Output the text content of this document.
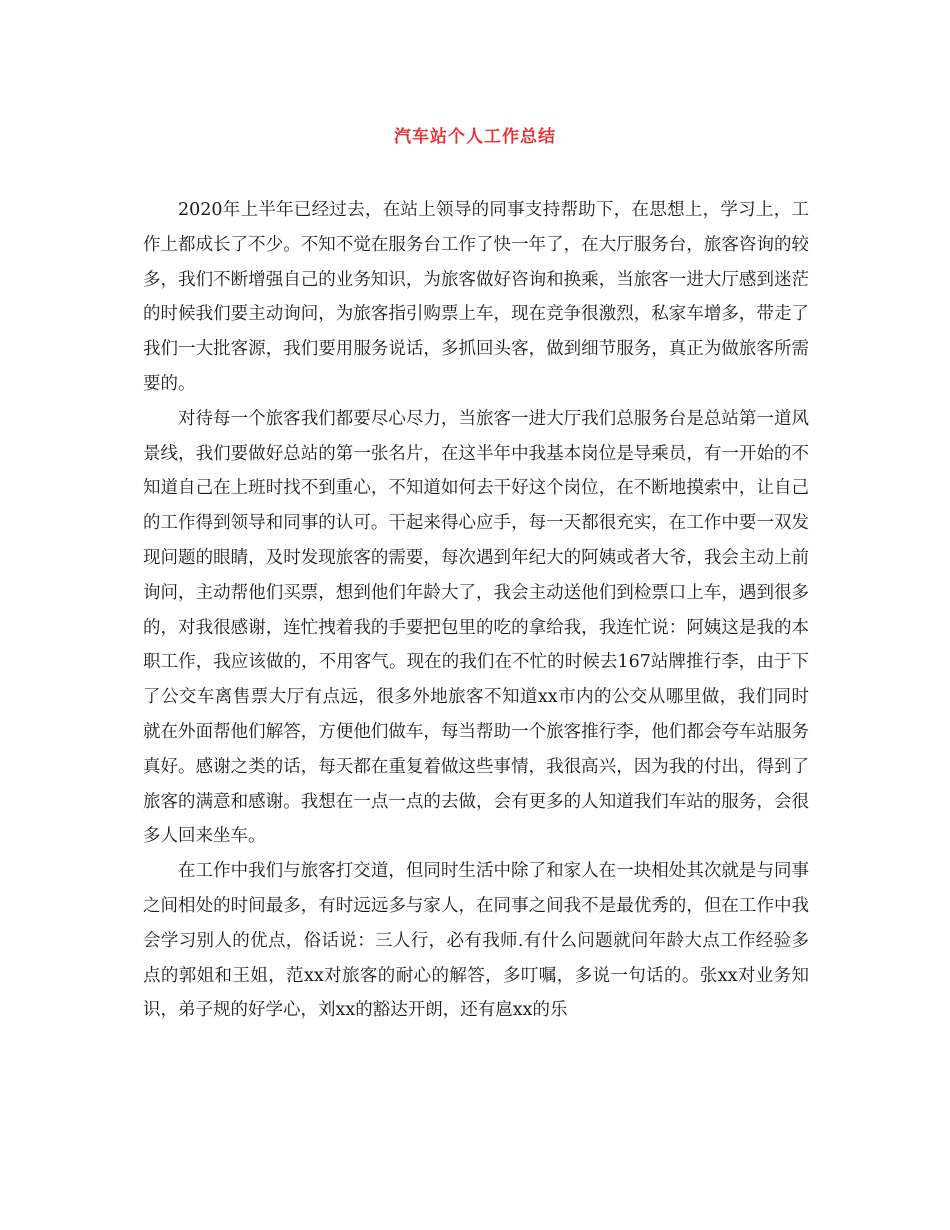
汽车站个人工作总结

2020年上半年已经过去，在站上领导的同事支持帮助下，在思想上，学习上，工作上都成长了不少。不知不觉在服务台工作了快一年了，在大厅服务台，旅客咨询的较多，我们不断增强自己的业务知识，为旅客做好咨询和换乘，当旅客一进大厅感到迷茫的时候我们要主动询问，为旅客指引购票上车，现在竞争很激烈，私家车增多，带走了我们一大批客源，我们要用服务说话，多抓回头客，做到细节服务，真正为做旅客所需要的。

对待每一个旅客我们都要尽心尽力，当旅客一进大厅我们总服务台是总站第一道风景线，我们要做好总站的第一张名片，在这半年中我基本岗位是导乘员，有一开始的不知道自己在上班时找不到重心，不知道如何去干好这个岗位，在不断地摸索中，让自己的工作得到领导和同事的认可。干起来得心应手，每一天都很充实，在工作中要一双发现问题的眼睛，及时发现旅客的需要，每次遇到年纪大的阿姨或者大爷，我会主动上前询问，主动帮他们买票，想到他们年龄大了，我会主动送他们到检票口上车，遇到很多的，对我很感谢，连忙拽着我的手要把包里的吃的拿给我，我连忙说：阿姨这是我的本职工作，我应该做的，不用客气。现在的我们在不忙的时候去167站牌推行李，由于下了公交车离售票大厅有点远，很多外地旅客不知道xx市内的公交从哪里做，我们同时就在外面帮他们解答，方便他们做车，每当帮助一个旅客推行李，他们都会夸车站服务真好。感谢之类的话，每天都在重复着做这些事情，我很高兴，因为我的付出，得到了旅客的满意和感谢。我想在一点一点的去做，会有更多的人知道我们车站的服务，会很多人回来坐车。

在工作中我们与旅客打交道，但同时生活中除了和家人在一块相处其次就是与同事之间相处的时间最多，有时远远多与家人，在同事之间我不是最优秀的，但在工作中我会学习别人的优点，俗话说：三人行，必有我师.有什么问题就问年龄大点工作经验多点的郭姐和王姐，范xx对旅客的耐心的解答，多叮嘱，多说一句话的。张xx对业务知识，弟子规的好学心，刘xx的豁达开朗，还有扈xx的乐
